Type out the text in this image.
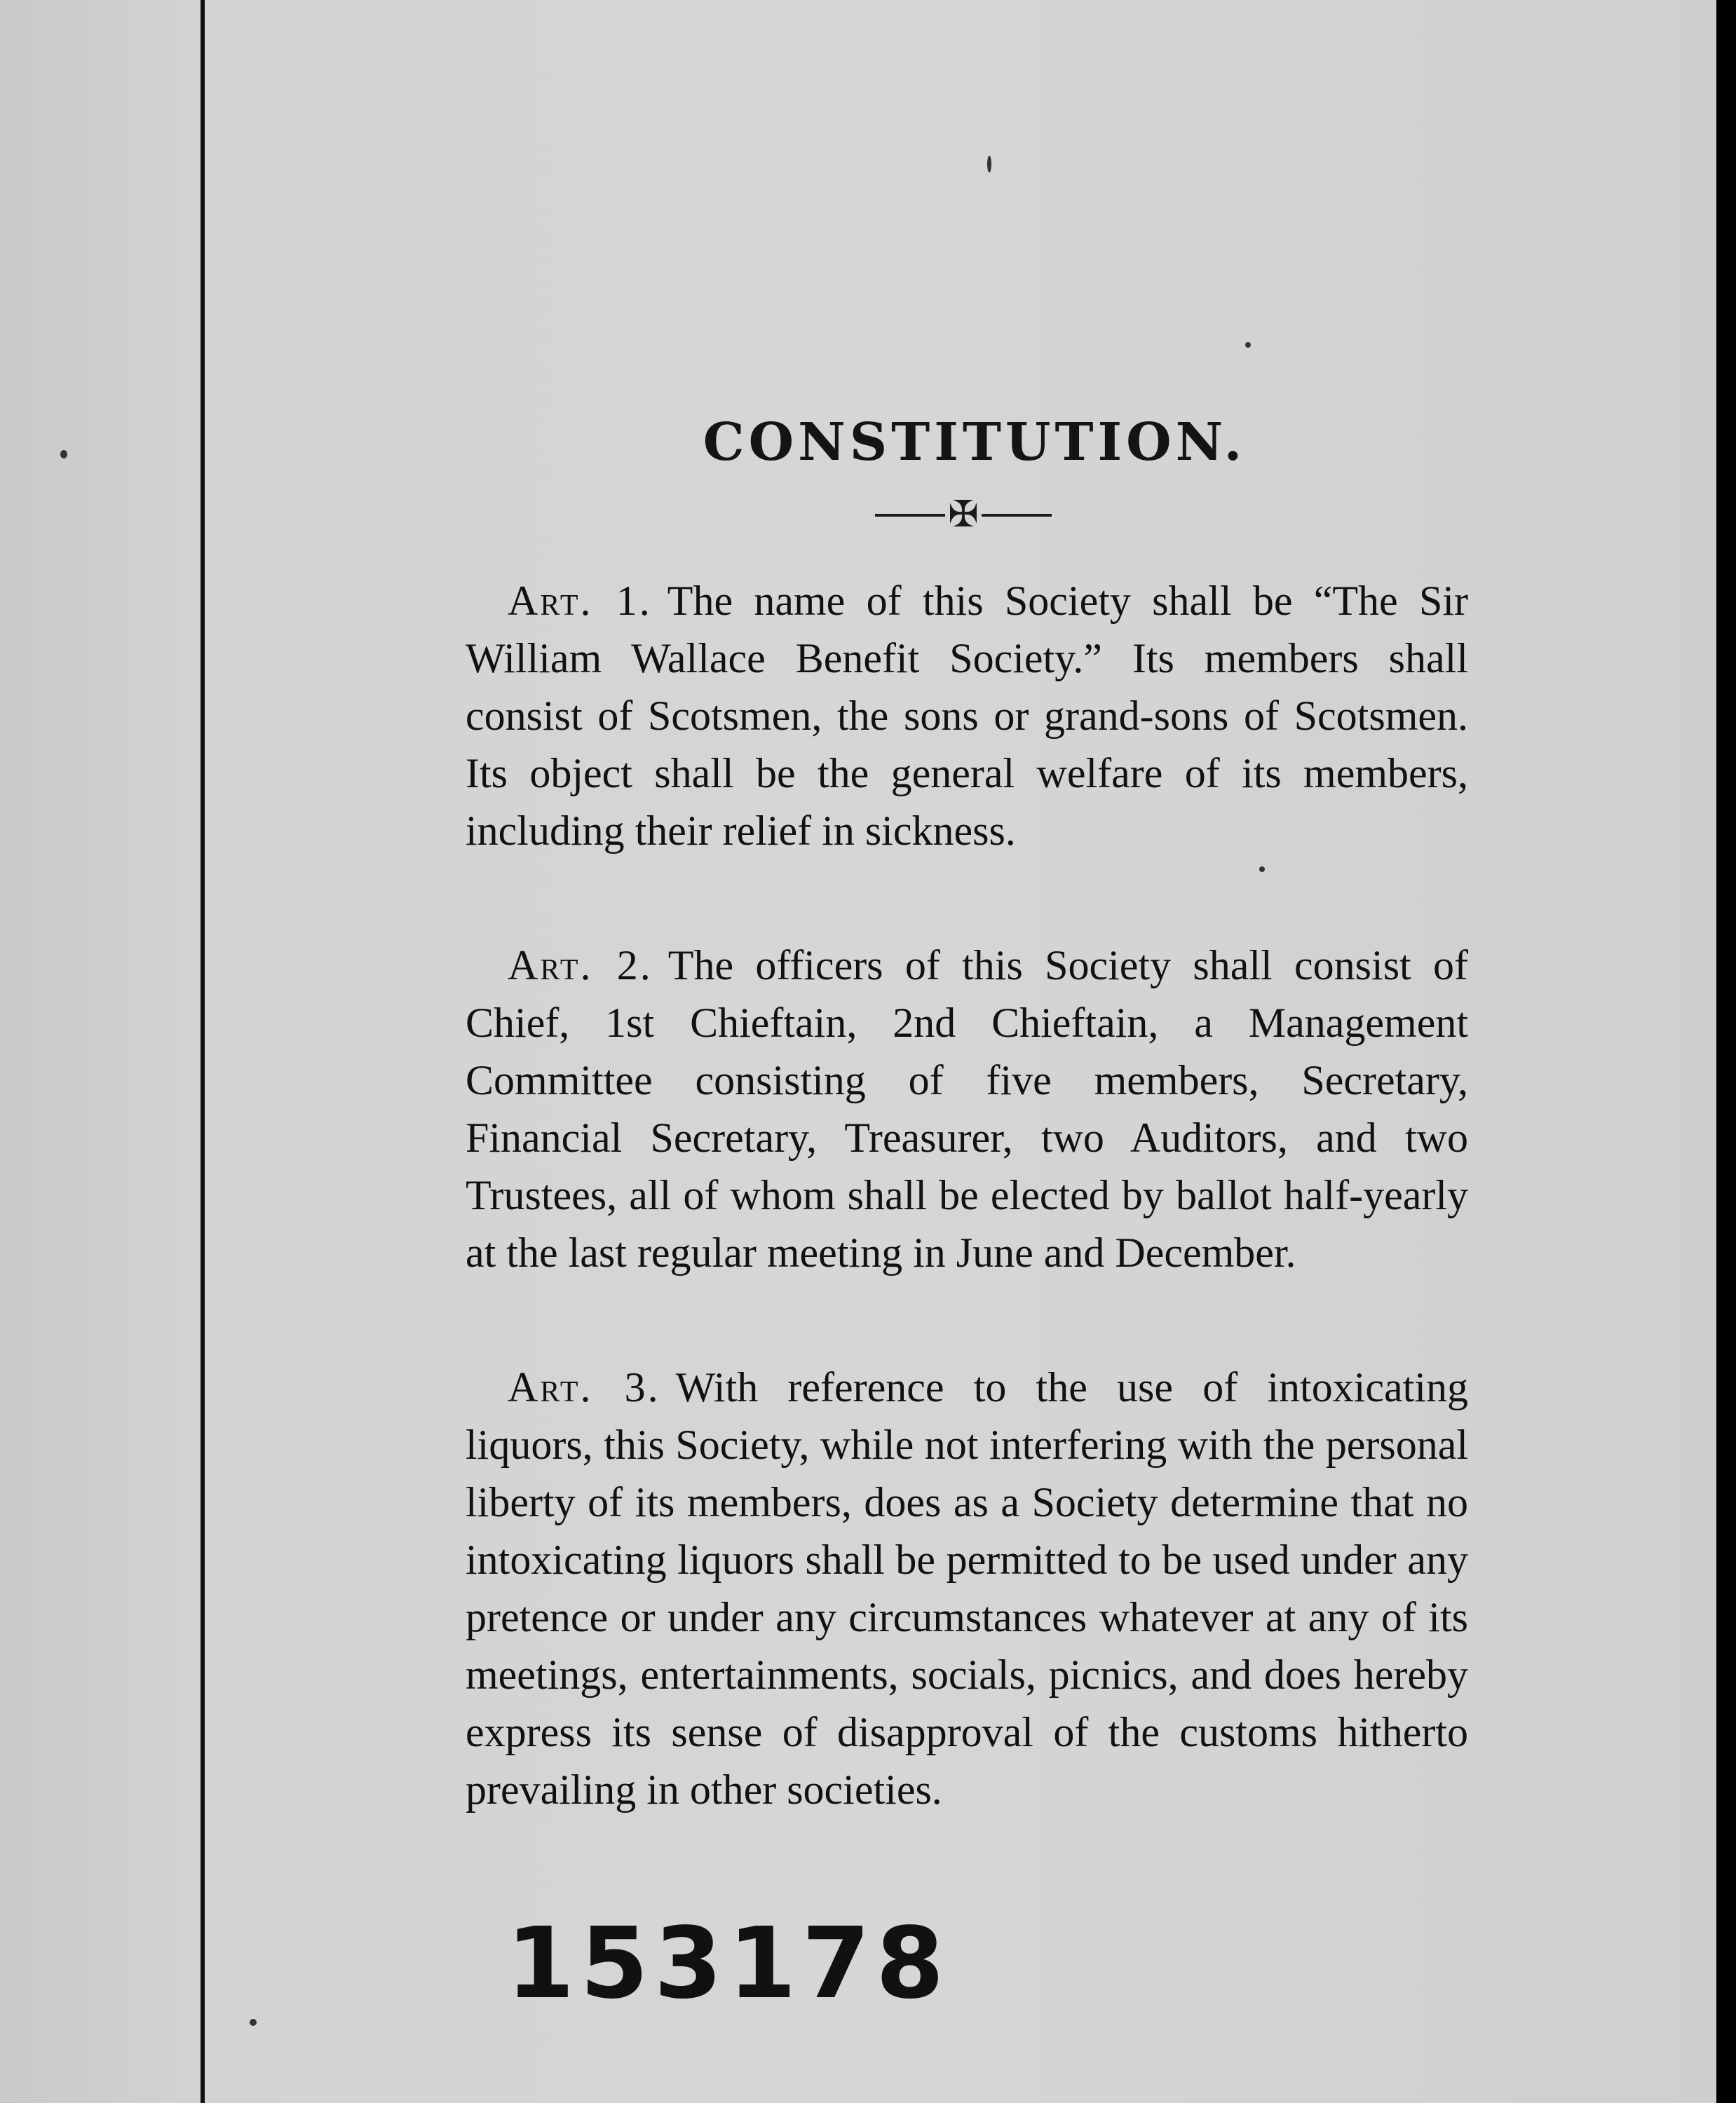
CONSTITUTION.
✠

Art. 1. The name of this Society shall be “The Sir William Wallace Benefit Society.” Its members shall consist of Scotsmen, the sons or grand-sons of Scotsmen. Its object shall be the general welfare of its members, including their relief in sickness.

Art. 2. The officers of this Society shall consist of Chief, 1st Chieftain, 2nd Chieftain, a Management Committee consisting of five members, Secretary, Financial Secretary, Treasurer, two Auditors, and two Trustees, all of whom shall be elected by ballot half-yearly at the last regular meeting in June and December.

Art. 3. With reference to the use of intoxicating liquors, this Society, while not interfering with the personal liberty of its members, does as a Society determine that no intoxicating liquors shall be permitted to be used under any pretence or under any circumstances whatever at any of its meetings, entertainments, socials, picnics, and does hereby express its sense of disapproval of the customs hitherto prevailing in other societies.

153178
